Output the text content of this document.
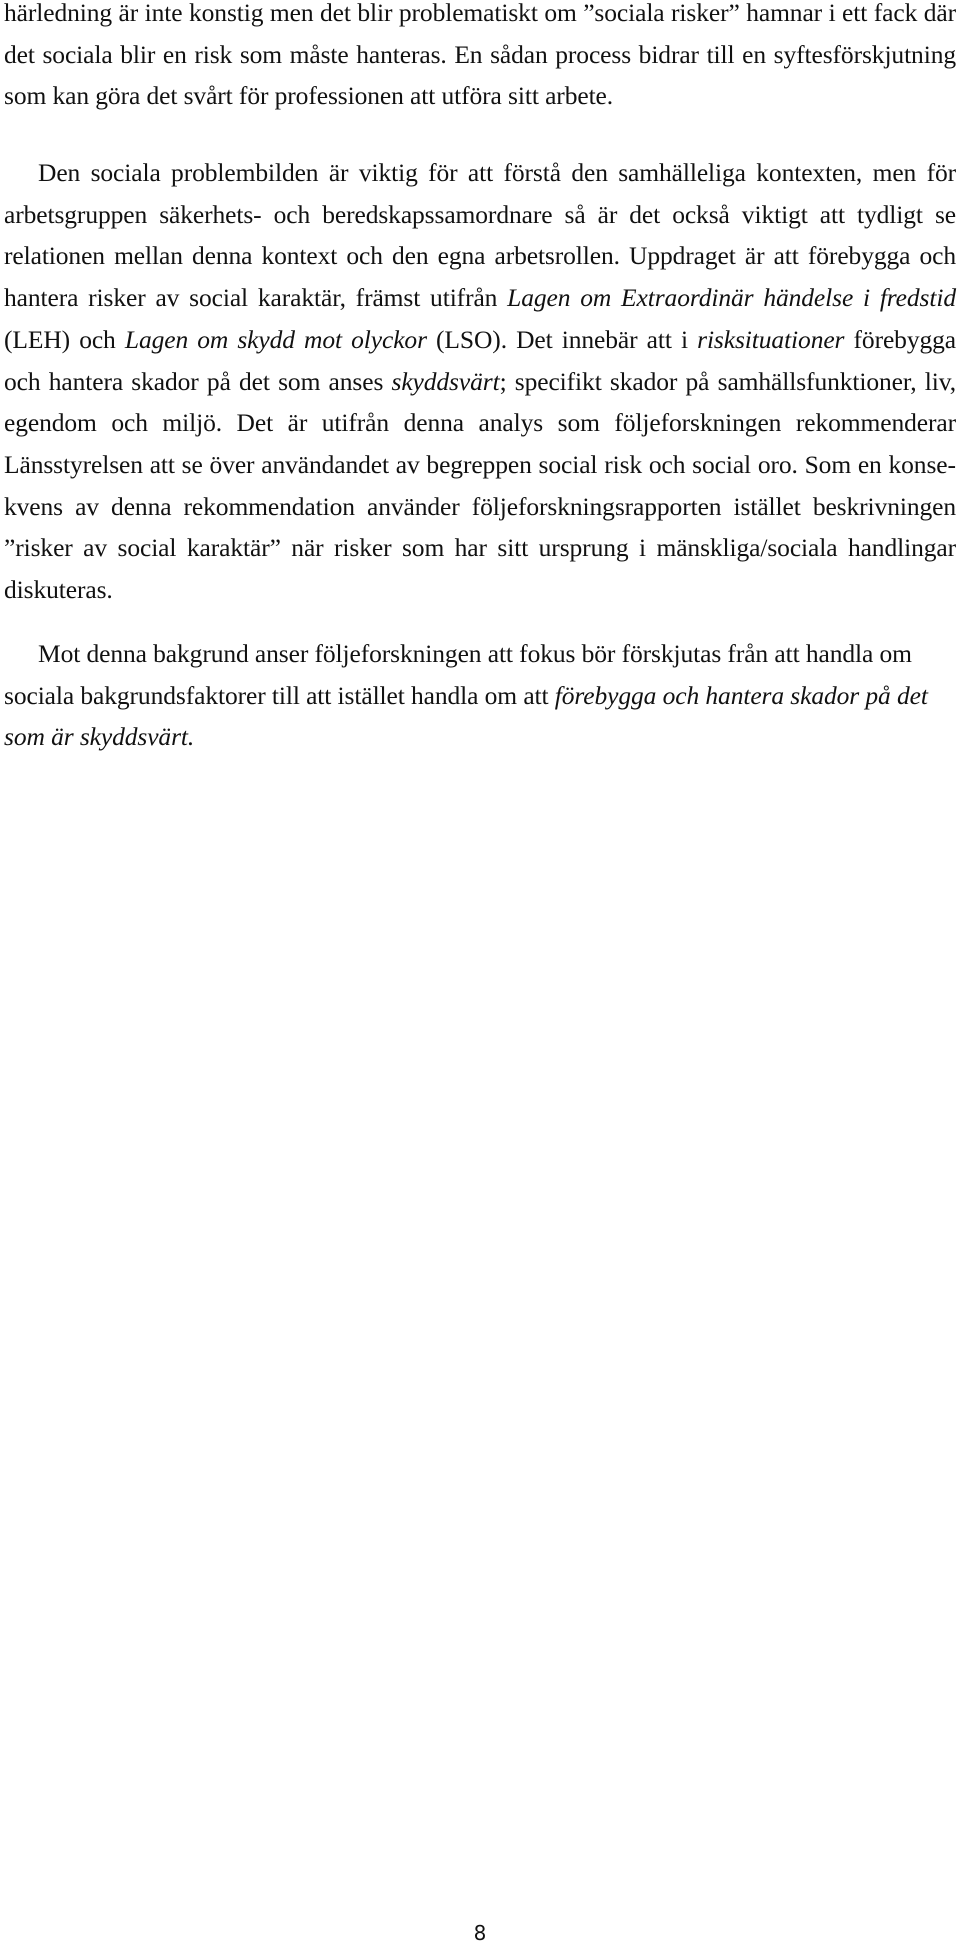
härledning är inte konstig men det blir problematiskt om ”sociala risker” hamnar i ett fack där det sociala blir en risk som måste hanteras. En sådan process bidrar till en syftesförskjutning som kan göra det svårt för professionen att utföra sitt arbete.

Den sociala problembilden är viktig för att förstå den samhälleliga kontexten, men för arbetsgruppen säkerhets- och beredskapssamordnare så är det också viktigt att tydligt se relationen mellan denna kontext och den egna arbetsrollen. Uppdraget är att förebygga och hantera risker av social karaktär, främst utifrån Lagen om Extraordinär händelse i fredstid (LEH) och Lagen om skydd mot olyckor (LSO). Det innebär att i risksituationer förebygga och hantera skador på det som anses skyddsvärt; specifikt skador på samhällsfunktioner, liv, egendom och miljö. Det är utifrån denna analys som följeforskningen rekommenderar Länsstyrelsen att se över användandet av begreppen social risk och social oro. Som en konsekvens av denna rekommendation använder följeforskningsrapporten istället beskrivningen ”risker av social karaktär” när risker som har sitt ursprung i mänskliga/sociala handlingar diskuteras.

Mot denna bakgrund anser följeforskningen att fokus bör förskjutas från att handla om sociala bakgrundsfaktorer till att istället handla om att förebygga och hantera skador på det som är skyddsvärt.

8
